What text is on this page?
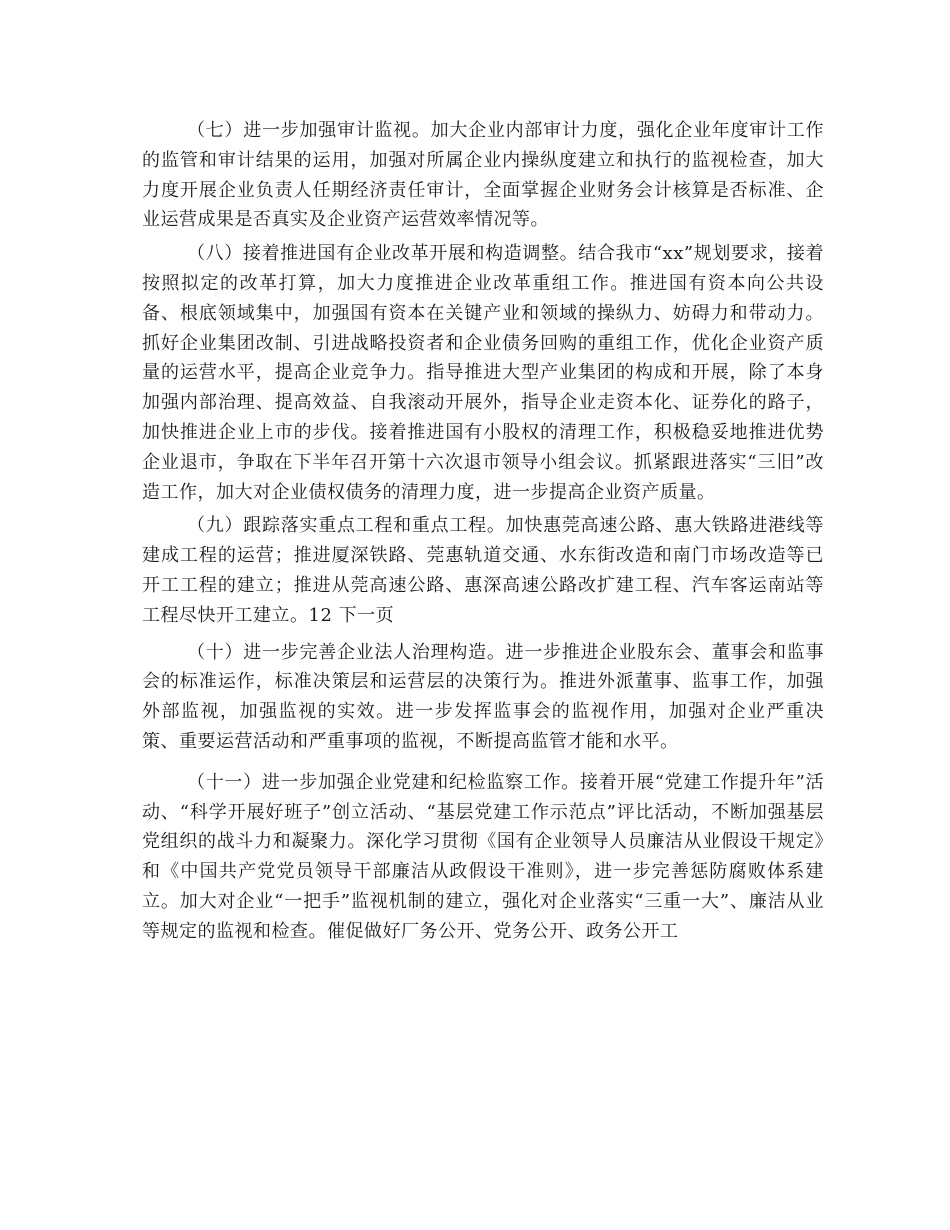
（七）进一步加强审计监视。加大企业内部审计力度，强化企业年度审计工作的监管和审计结果的运用，加强对所属企业内操纵度建立和执行的监视检查，加大力度开展企业负责人任期经济责任审计，全面掌握企业财务会计核算是否标准、企业运营成果是否真实及企业资产运营效率情况等。

（八）接着推进国有企业改革开展和构造调整。结合我市“xx”规划要求，接着按照拟定的改革打算，加大力度推进企业改革重组工作。推进国有资本向公共设备、根底领域集中，加强国有资本在关键产业和领域的操纵力、妨碍力和带动力。抓好企业集团改制、引进战略投资者和企业债务回购的重组工作，优化企业资产质量的运营水平，提高企业竞争力。指导推进大型产业集团的构成和开展，除了本身加强内部治理、提高效益、自我滚动开展外，指导企业走资本化、证券化的路子，加快推进企业上市的步伐。接着推进国有小股权的清理工作，积极稳妥地推进优势企业退市，争取在下半年召开第十六次退市领导小组会议。抓紧跟进落实“三旧”改造工作，加大对企业债权债务的清理力度，进一步提高企业资产质量。

（九）跟踪落实重点工程和重点工程。加快惠莞高速公路、惠大铁路进港线等建成工程的运营；推进厦深铁路、莞惠轨道交通、水东街改造和南门市场改造等已开工工程的建立；推进从莞高速公路、惠深高速公路改扩建工程、汽车客运南站等工程尽快开工建立。12 下一页

（十）进一步完善企业法人治理构造。进一步推进企业股东会、董事会和监事会的标准运作，标准决策层和运营层的决策行为。推进外派董事、监事工作，加强外部监视，加强监视的实效。进一步发挥监事会的监视作用，加强对企业严重决策、重要运营活动和严重事项的监视，不断提高监管才能和水平。

（十一）进一步加强企业党建和纪检监察工作。接着开展“党建工作提升年”活动、“科学开展好班子”创立活动、“基层党建工作示范点”评比活动，不断加强基层党组织的战斗力和凝聚力。深化学习贯彻《国有企业领导人员廉洁从业假设干规定》和《中国共产党党员领导干部廉洁从政假设干准则》，进一步完善惩防腐败体系建立。加大对企业“一把手”监视机制的建立，强化对企业落实“三重一大”、廉洁从业等规定的监视和检查。催促做好厂务公开、党务公开、政务公开工
